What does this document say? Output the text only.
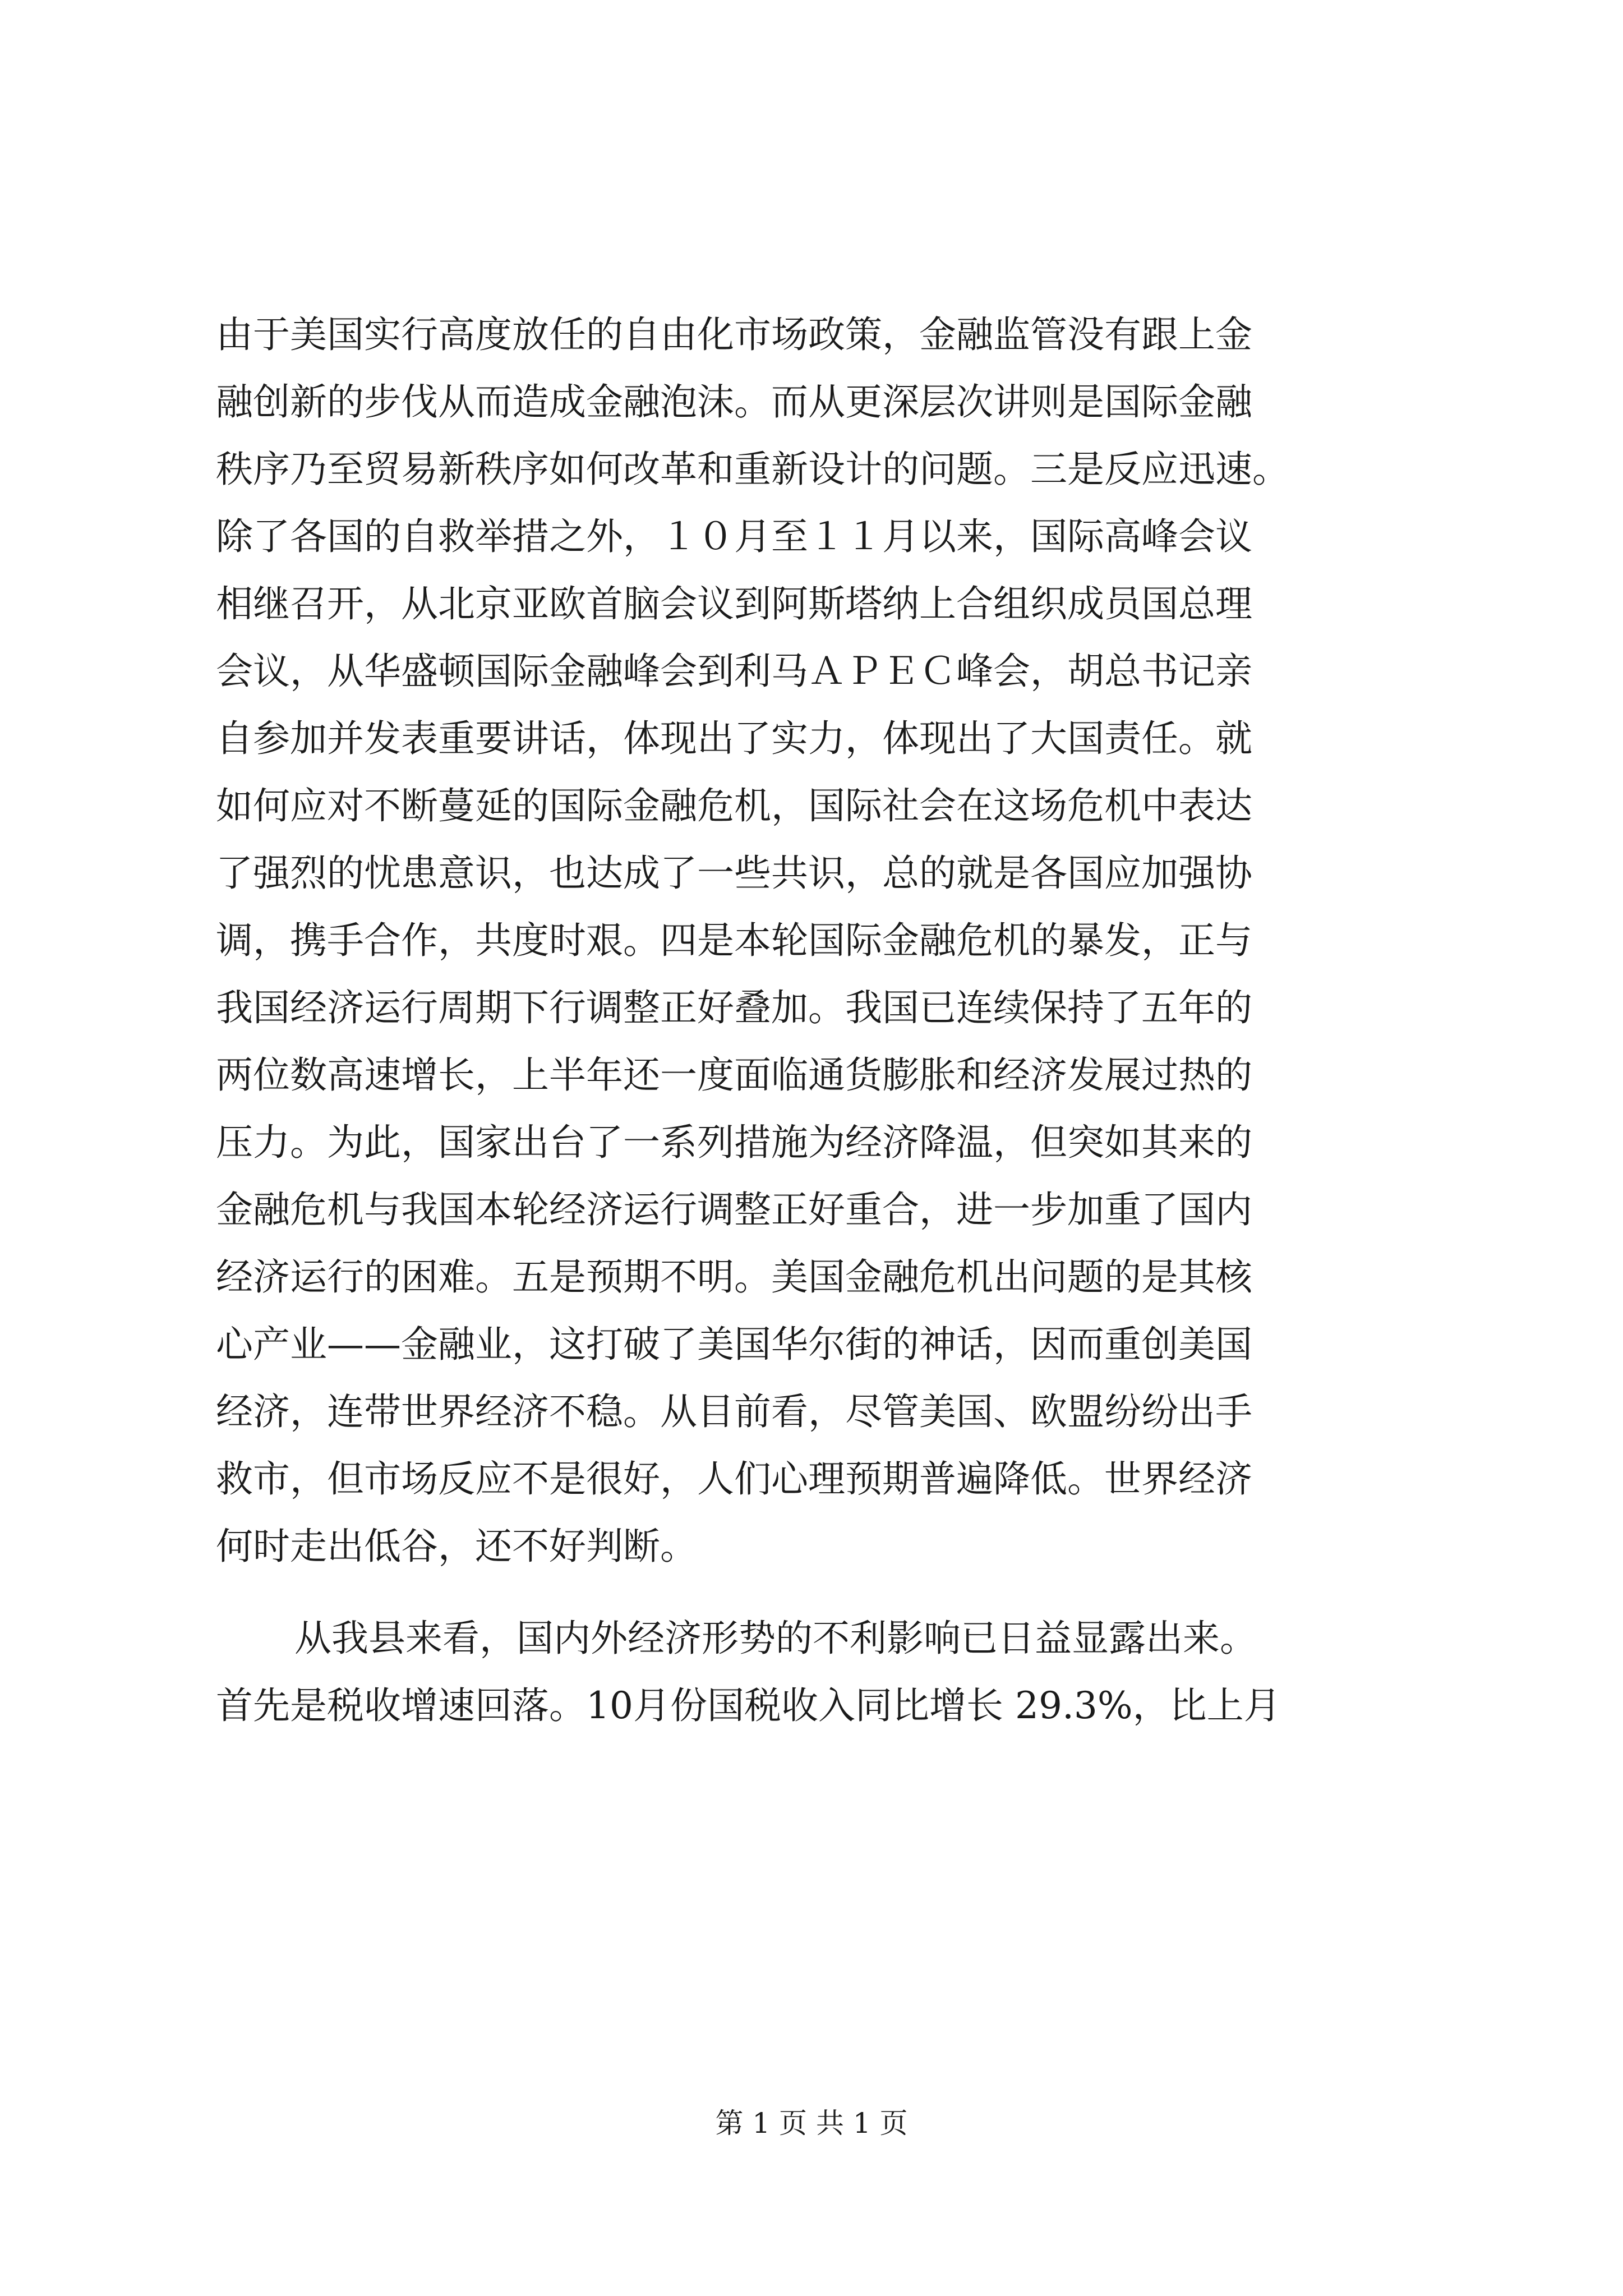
由于美国实行高度放任的自由化市场政策，金融监管没有跟上金

融创新的步伐从而造成金融泡沫。而从更深层次讲则是国际金融

秩序乃至贸易新秩序如何改革和重新设计的问题。三是反应迅速。

除了各国的自救举措之外，１０月至１１月以来，国际高峰会议

相继召开，从北京亚欧首脑会议到阿斯塔纳上合组织成员国总理

会议，从华盛顿国际金融峰会到利马ＡＰＥＣ峰会，胡总书记亲

自参加并发表重要讲话，体现出了实力，体现出了大国责任。就

如何应对不断蔓延的国际金融危机，国际社会在这场危机中表达

了强烈的忧患意识，也达成了一些共识，总的就是各国应加强协

调，携手合作，共度时艰。四是本轮国际金融危机的暴发，正与

我国经济运行周期下行调整正好叠加。我国已连续保持了五年的

两位数高速增长，上半年还一度面临通货膨胀和经济发展过热的

压力。为此，国家出台了一系列措施为经济降温，但突如其来的

金融危机与我国本轮经济运行调整正好重合，进一步加重了国内

经济运行的困难。五是预期不明。美国金融危机出问题的是其核

心产业——金融业，这打破了美国华尔街的神话，因而重创美国

经济，连带世界经济不稳。从目前看，尽管美国、欧盟纷纷出手

救市，但市场反应不是很好，人们心理预期普遍降低。世界经济

何时走出低谷，还不好判断。

从我县来看，国内外经济形势的不利影响已日益显露出来。

首先是税收增速回落。10月份国税收入同比增长 29.3%，比上月

第 1 页 共 1 页
